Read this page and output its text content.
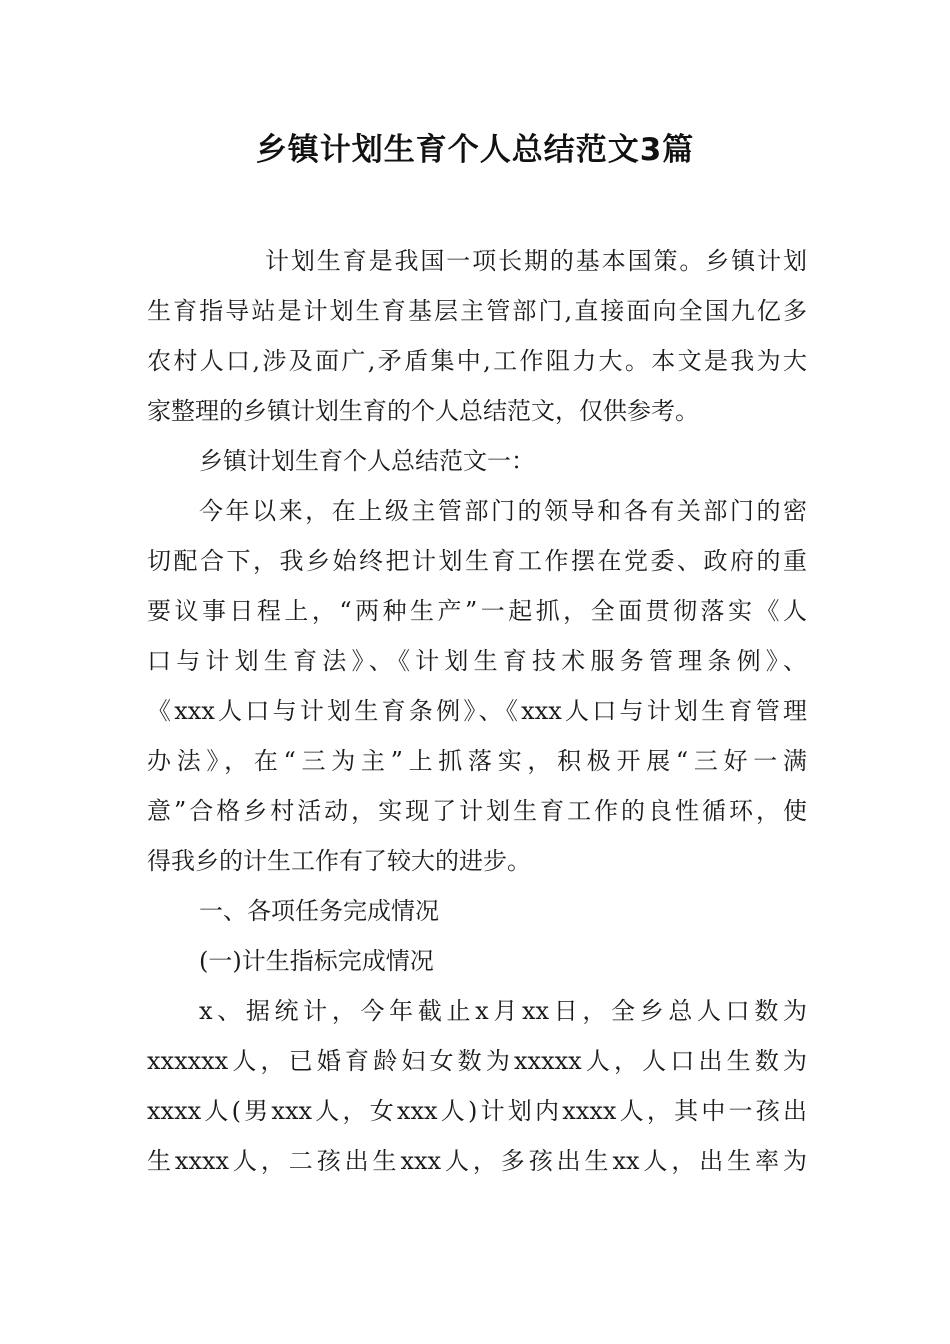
乡镇计划生育个人总结范文3篇
计划生育是我国一项长期的基本国策。乡镇计划
生育指导站是计划生育基层主管部门,直接面向全国九亿多
农村人口,涉及面广,矛盾集中,工作阻力大。本文是我为大
家整理的乡镇计划生育的个人总结范文，仅供参考。
乡镇计划生育个人总结范文一：
今年以来，在上级主管部门的领导和各有关部门的密
切配合下，我乡始终把计划生育工作摆在党委、政府的重
要议事日程上，“两种生产”一起抓，全面贯彻落实《人
口与计划生育法》、《计划生育技术服务管理条例》、
《xxx人口与计划生育条例》、《xxx人口与计划生育管理
办法》，在“三为主”上抓落实，积极开展“三好一满
意”合格乡村活动，实现了计划生育工作的良性循环，使
得我乡的计生工作有了较大的进步。
一、各项任务完成情况
(一)计生指标完成情况
x、据统计，今年截止x月xx日，全乡总人口数为
xxxxxx人，已婚育龄妇女数为xxxxx人，人口出生数为
xxxx人(男xxx人，女xxx人)计划内xxxx人，其中一孩出
生xxxx人，二孩出生xxx人，多孩出生xx人，出生率为
